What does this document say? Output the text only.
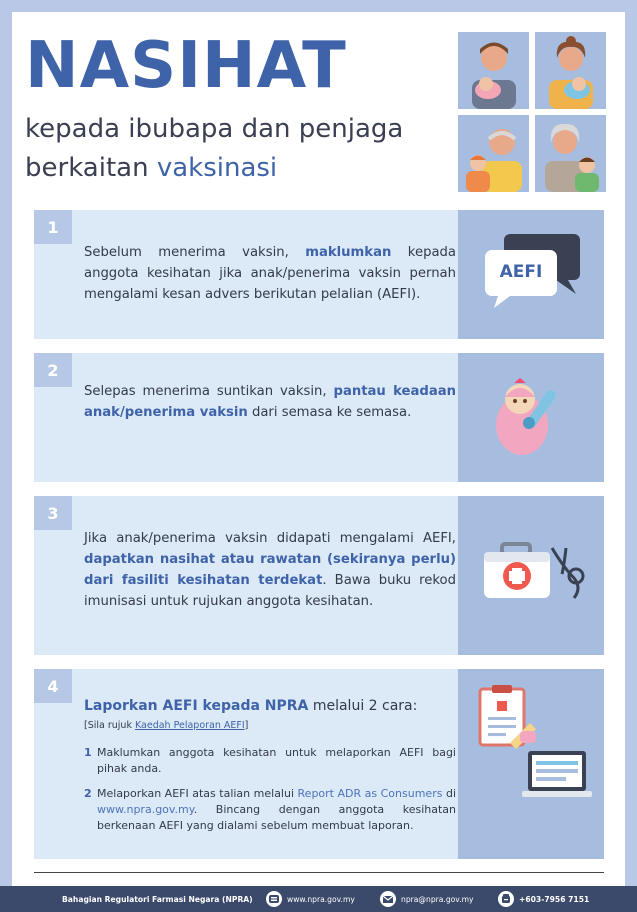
NASIHAT
kepada ibubapa dan penjaga
berkaitan vaksinasi
1
Sebelum menerima vaksin, maklumkan kepada anggota kesihatan jika anak/penerima vaksin pernah mengalami kesan advers berikutan pelalian (AEFI).
AEFI
2
Selepas menerima suntikan vaksin, pantau keadaan anak/penerima vaksin dari semasa ke semasa.
3
Jika anak/penerima vaksin didapati mengalami AEFI, dapatkan nasihat atau rawatan (sekiranya perlu) dari fasiliti kesihatan terdekat. Bawa buku rekod imunisasi untuk rujukan anggota kesihatan.
4
Laporkan AEFI kepada NPRA melalui 2 cara:
[Sila rujuk Kaedah Pelaporan AEFI]
1 Maklumkan anggota kesihatan untuk melaporkan AEFI bagi pihak anda.
2 Melaporkan AEFI atas talian melalui Report ADR as Consumers di www.npra.gov.my. Bincang dengan anggota kesihatan berkenaan AEFI yang dialami sebelum membuat laporan.
Bahagian Regulatori Farmasi Negara (NPRA)	www.npra.gov.my	npra@npra.gov.my	+603-7956 7151
